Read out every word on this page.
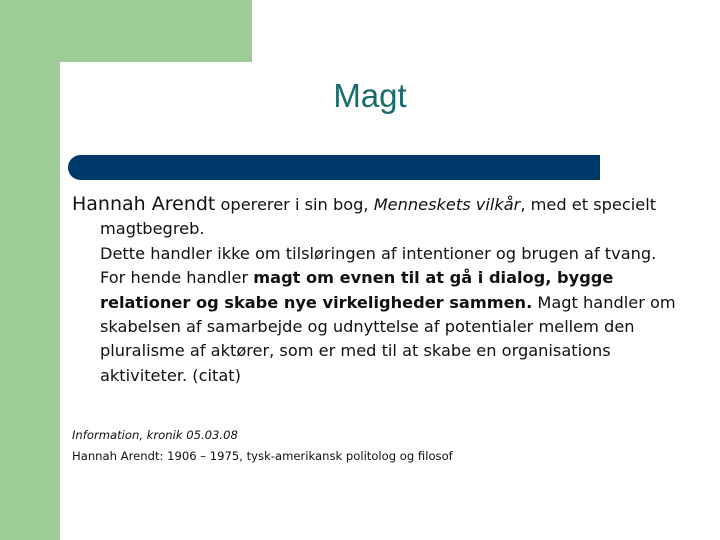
Magt

Hannah Arendt opererer i sin bog, Menneskets vilkår, med et specielt magtbegreb.

Dette handler ikke om tilsløringen af intentioner og brugen af tvang. For hende handler magt om evnen til at gå i dialog, bygge relationer og skabe nye virkeligheder sammen. Magt handler om skabelsen af samarbejde og udnyttelse af potentialer mellem den pluralisme af aktører, som er med til at skabe en organisations aktiviteter. (citat)

Information, kronik 05.03.08

Hannah Arendt: 1906 – 1975, tysk-amerikansk politolog og filosof
